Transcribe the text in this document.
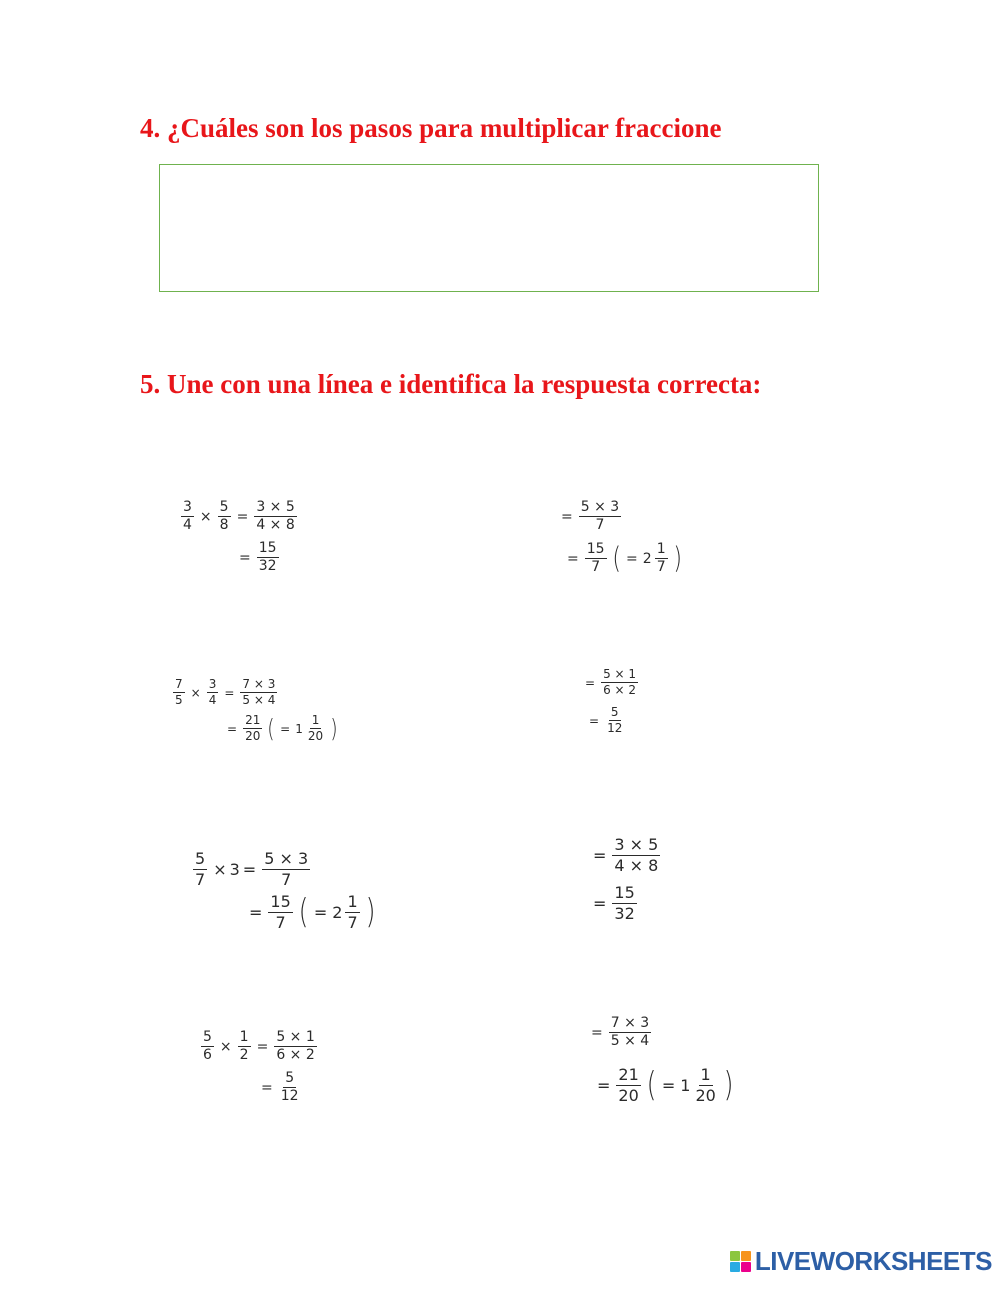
4. ¿Cuáles son los pasos para multiplicar fraccione
5. Une con una línea e identifica la respuesta correcta:
$\frac{3}{4} \times \frac{5}{8} = \frac{3 \times 5}{4 \times 8}$
= $\frac{15}{32}$
$\frac{7}{5} \times \frac{3}{4} = \frac{7 \times 3}{5 \times 4}$
= $\frac{21}{20}$ ( = $1 \frac{1}{20}$ )
$\frac{5}{7} \times 3 = \frac{5 \times 3}{7}$
= $\frac{15}{7}$ ( = $2 \frac{1}{7}$ )
$\frac{5}{6} \times \frac{1}{2} = \frac{5 \times 1}{6 \times 2}$
= $\frac{5}{12}$
= $\frac{5 \times 3}{7}$
= $\frac{15}{7}$ ( = $2 \frac{1}{7}$ )
= $\frac{5 \times 1}{6 \times 2}$
= $\frac{5}{12}$
= $\frac{3 \times 5}{4 \times 8}$
= $\frac{15}{32}$
= $\frac{7 \times 3}{5 \times 4}$
= $\frac{21}{20}$ ( = $1 \frac{1}{20}$ )
LIVEWORKSHEETS
